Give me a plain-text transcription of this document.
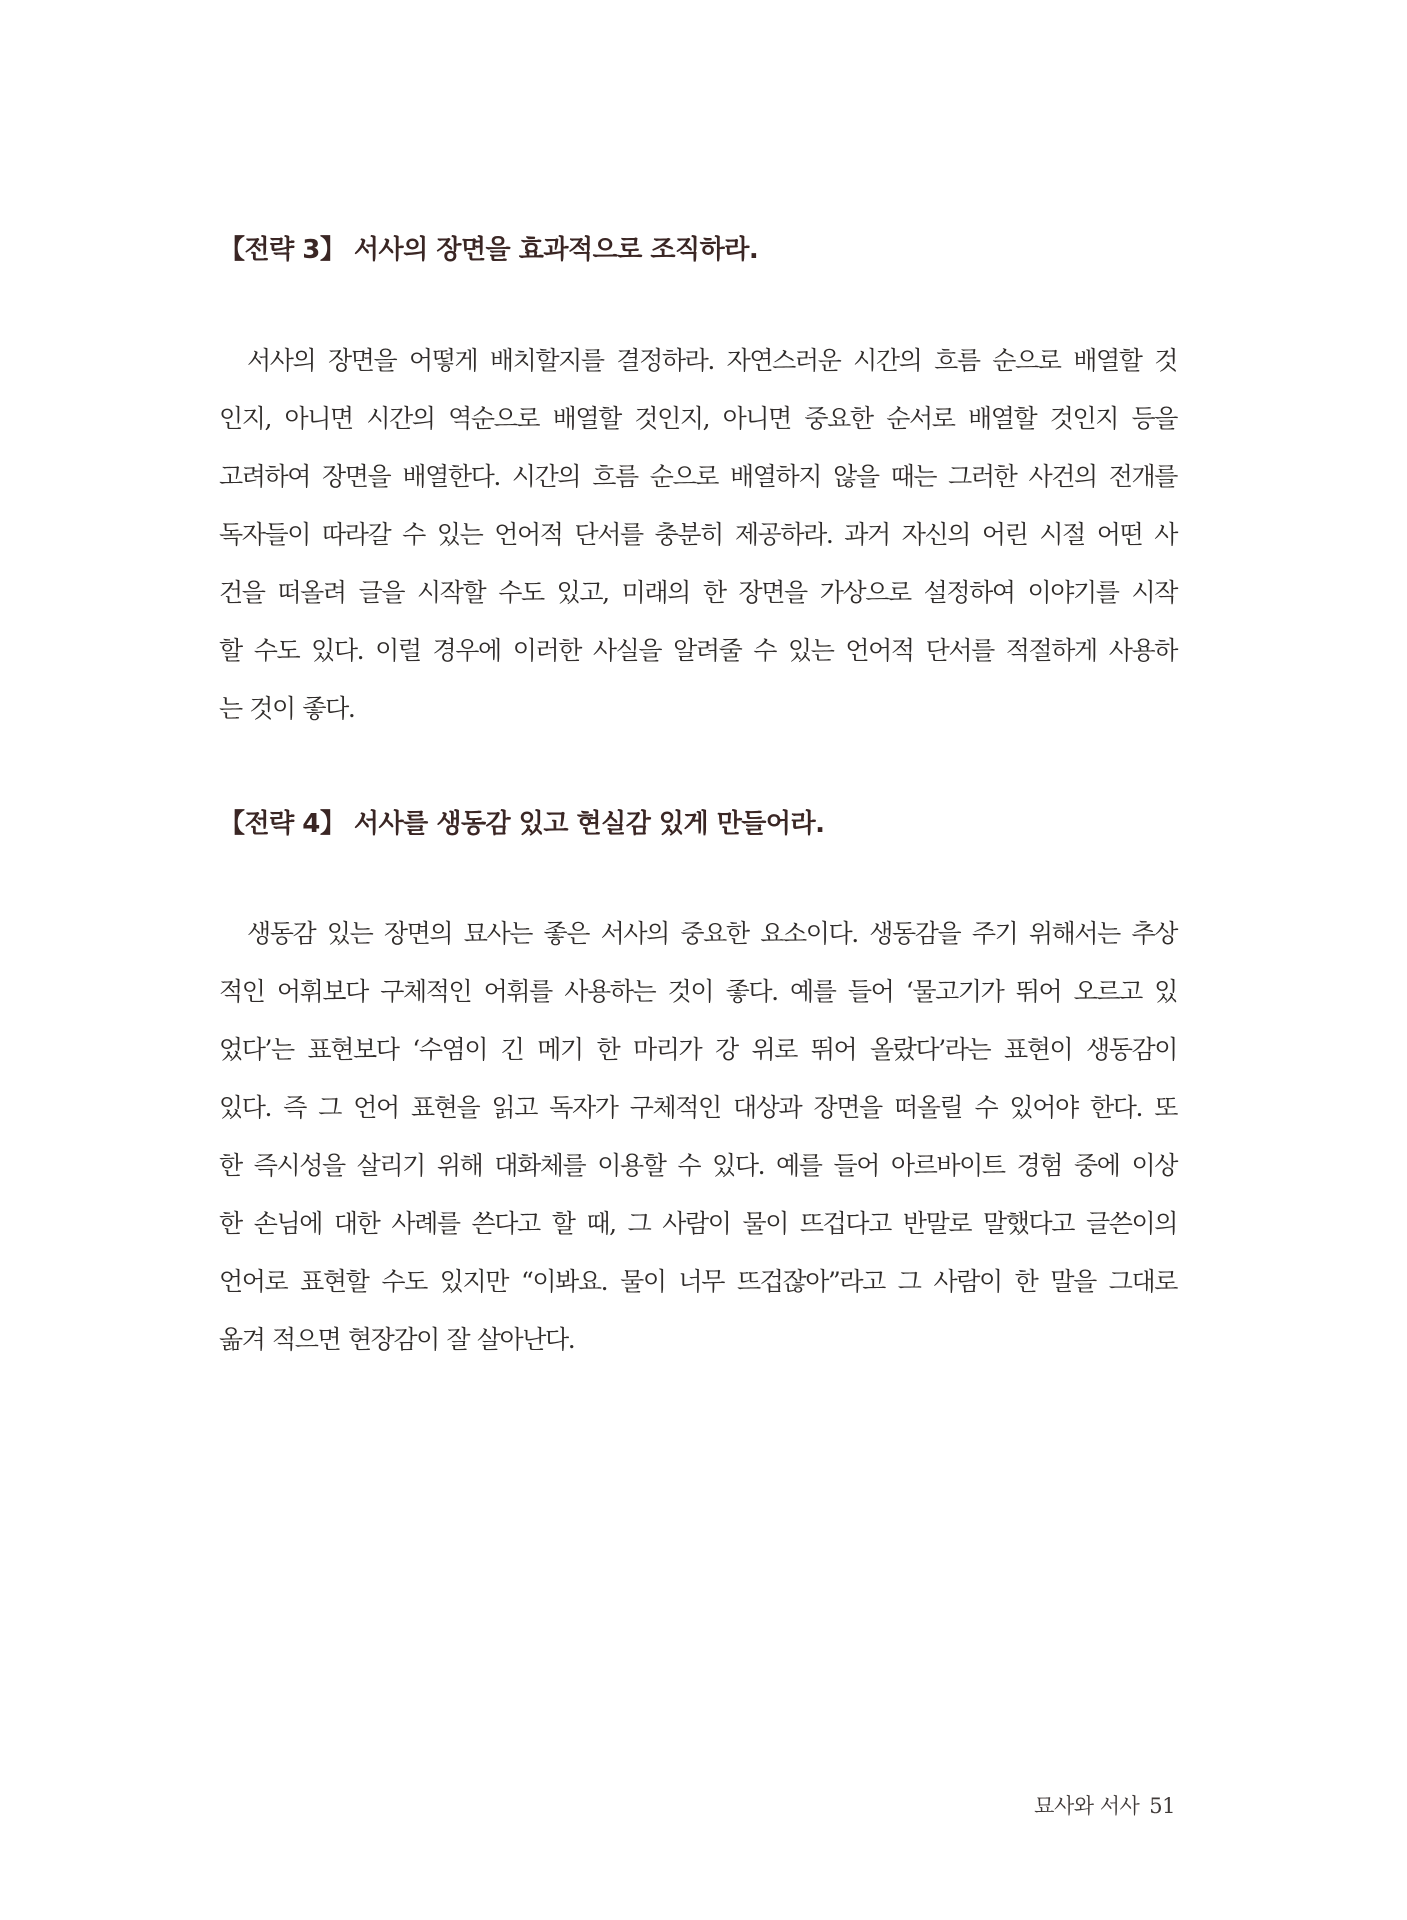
【전략 3】 서사의 장면을 효과적으로 조직하라.
서사의 장면을 어떻게 배치할지를 결정하라. 자연스러운 시간의 흐름 순으로 배열할 것
인지, 아니면 시간의 역순으로 배열할 것인지, 아니면 중요한 순서로 배열할 것인지 등을
고려하여 장면을 배열한다. 시간의 흐름 순으로 배열하지 않을 때는 그러한 사건의 전개를
독자들이 따라갈 수 있는 언어적 단서를 충분히 제공하라. 과거 자신의 어린 시절 어떤 사
건을 떠올려 글을 시작할 수도 있고, 미래의 한 장면을 가상으로 설정하여 이야기를 시작
할 수도 있다. 이럴 경우에 이러한 사실을 알려줄 수 있는 언어적 단서를 적절하게 사용하
는 것이 좋다.
【전략 4】 서사를 생동감 있고 현실감 있게 만들어라.
생동감 있는 장면의 묘사는 좋은 서사의 중요한 요소이다. 생동감을 주기 위해서는 추상
적인 어휘보다 구체적인 어휘를 사용하는 것이 좋다. 예를 들어 ‘물고기가 뛰어 오르고 있
었다’는 표현보다 ‘수염이 긴 메기 한 마리가 강 위로 뛰어 올랐다’라는 표현이 생동감이
있다. 즉 그 언어 표현을 읽고 독자가 구체적인 대상과 장면을 떠올릴 수 있어야 한다. 또
한 즉시성을 살리기 위해 대화체를 이용할 수 있다. 예를 들어 아르바이트 경험 중에 이상
한 손님에 대한 사례를 쓴다고 할 때, 그 사람이 물이 뜨겁다고 반말로 말했다고 글쓴이의
언어로 표현할 수도 있지만 “이봐요. 물이 너무 뜨겁잖아”라고 그 사람이 한 말을 그대로
옮겨 적으면 현장감이 잘 살아난다.
묘사와 서사 51
